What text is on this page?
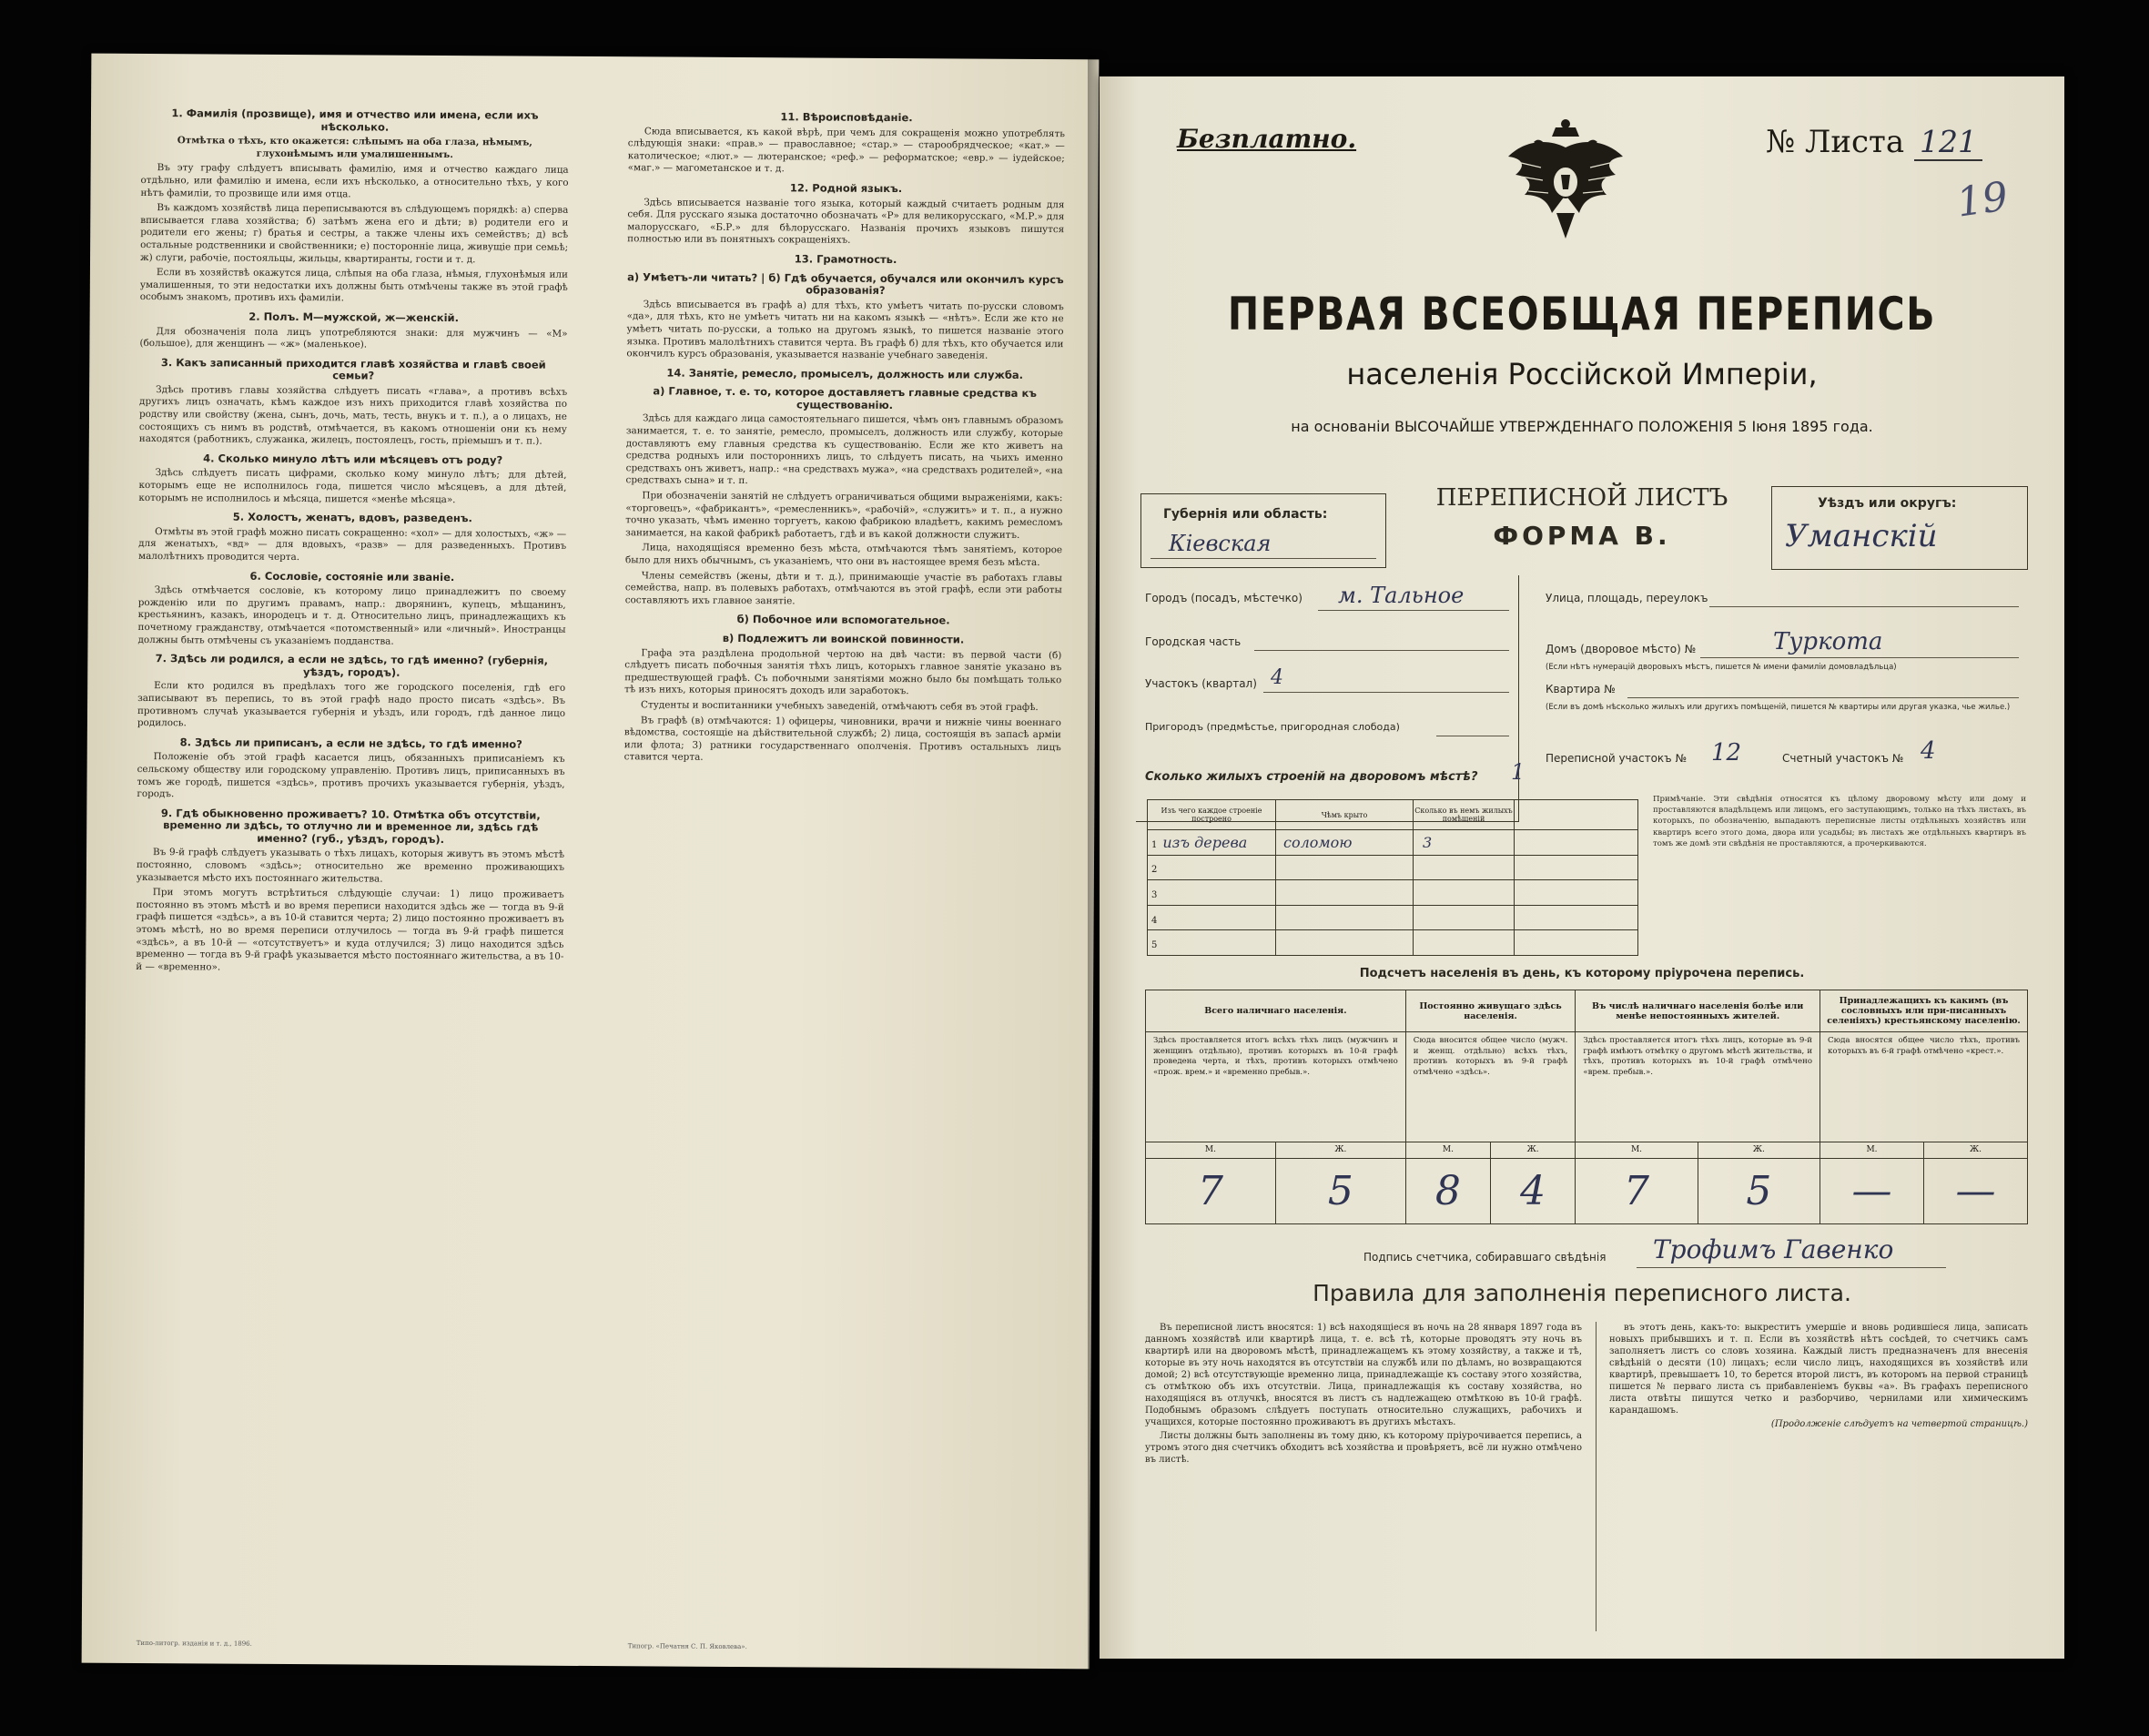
1. Фамилія (прозвище), имя и отчество или имена, если ихъ нѣсколько.

Отмѣтка о тѣхъ, кто окажется: слѣпымъ на оба глаза, нѣмымъ, глухонѣмымъ или умалишеннымъ.

Въ эту графу слѣдуетъ вписывать фамилію, имя и отчество каждаго лица отдѣльно, или фамилію и имена, если ихъ нѣсколько, а относительно тѣхъ, у кого нѣтъ фамиліи, то прозвище или имя отца.

Въ каждомъ хозяйствѣ лица переписываются въ слѣдующемъ порядкѣ: а) сперва вписывается глава хозяйства; б) затѣмъ жена его и дѣти; в) родители его и родители его жены; г) братья и сестры, а также члены ихъ семействъ; д) всѣ остальные родственники и свойственники; е) посторонніе лица, живущіе при семьѣ; ж) слуги, рабочіе, постояльцы, жильцы, квартиранты, гости и т. д.

Если въ хозяйствѣ окажутся лица, слѣпыя на оба глаза, нѣмыя, глухонѣмыя или умалишенныя, то эти недостатки ихъ должны быть отмѣчены также въ этой графѣ особымъ знакомъ, противъ ихъ фамиліи.

2. Полъ. М—мужской, ж—женскій.

Для обозначенія пола лицъ употребляются знаки: для мужчинъ — «М» (большое), для женщинъ — «ж» (маленькое).

3. Какъ записанный приходится главѣ хозяйства и главѣ своей семьи?

Здѣсь противъ главы хозяйства слѣдуетъ писать «глава», а противъ всѣхъ другихъ лицъ означать, кѣмъ каждое изъ нихъ приходится главѣ хозяйства по родству или свойству (жена, сынъ, дочь, мать, тесть, внукъ и т. п.), а о лицахъ, не состоящихъ съ нимъ въ родствѣ, отмѣчается, въ какомъ отношеніи они къ нему находятся (работникъ, служанка, жилецъ, постоялецъ, гость, пріемышъ и т. п.).

4. Сколько минуло лѣтъ или мѣсяцевъ отъ роду?

Здѣсь слѣдуетъ писать цифрами, сколько кому минуло лѣтъ; для дѣтей, которымъ еще не исполнилось года, пишется число мѣсяцевъ, а для дѣтей, которымъ не исполнилось и мѣсяца, пишется «менѣе мѣсяца».

5. Холостъ, женатъ, вдовъ, разведенъ.

Отмѣты въ этой графѣ можно писать сокращенно: «хол» — для холостыхъ, «ж» — для женатыхъ, «вд» — для вдовыхъ, «разв» — для разведенныхъ. Противъ малолѣтнихъ проводится черта.

6. Сословіе, состояніе или званіе.

Здѣсь отмѣчается сословіе, къ которому лицо принадлежитъ по своему рожденію или по другимъ правамъ, напр.: дворянинъ, купецъ, мѣщанинъ, крестьянинъ, казакъ, инородецъ и т. д. Относительно лицъ, принадлежащихъ къ почетному гражданству, отмѣчается «потомственный» или «личный». Иностранцы должны быть отмѣчены съ указаніемъ подданства.

7. Здѣсь ли родился, а если не здѣсь, то гдѣ именно? (губернія, уѣздъ, городъ).

Если кто родился въ предѣлахъ того же городского поселенія, гдѣ его записывают въ перепись, то въ этой графѣ надо просто писать «здѣсь». Въ противномъ случаѣ указывается губернія и уѣздъ, или городъ, гдѣ данное лицо родилось.

8. Здѣсь ли приписанъ, а если не здѣсь, то гдѣ именно?

Положеніе объ этой графѣ касается лицъ, обязанныхъ приписаніемъ къ сельскому обществу или городскому управленію. Противъ лицъ, приписанныхъ въ томъ же городѣ, пишется «здѣсь», противъ прочихъ указывается губернія, уѣздъ, городъ.

9. Гдѣ обыкновенно проживаетъ? 10. Отмѣтка объ отсутствіи, временно ли здѣсь, то отлучно ли и временное ли, здѣсь гдѣ именно? (губ., уѣздъ, городъ).

Въ 9-й графѣ слѣдуетъ указывать о тѣхъ лицахъ, которыя живутъ въ этомъ мѣстѣ постоянно, словомъ «здѣсь»; относительно же временно проживающихъ указывается мѣсто ихъ постояннаго жительства.

При этомъ могутъ встрѣтиться слѣдующіе случаи: 1) лицо проживаетъ постоянно въ этомъ мѣстѣ и во время переписи находится здѣсь же — тогда въ 9-й графѣ пишется «здѣсь», а въ 10-й ставится черта; 2) лицо постоянно проживаетъ въ этомъ мѣстѣ, но во время переписи отлучилось — тогда въ 9-й графѣ пишется «здѣсь», а въ 10-й — «отсутствуетъ» и куда отлучился; 3) лицо находится здѣсь временно — тогда въ 9-й графѣ указывается мѣсто постояннаго жительства, а въ 10-й — «временно».

11. Вѣроисповѣданіе.

Сюда вписывается, къ какой вѣрѣ, при чемъ для сокращенія можно употреблять слѣдующія знаки: «прав.» — православное; «стар.» — старообрядческое; «кат.» — католическое; «лют.» — лютеранское; «реф.» — реформатское; «евр.» — іудейское; «маг.» — магометанское и т. д.

12. Родной языкъ.

Здѣсь вписывается названіе того языка, который каждый считаетъ родным для себя. Для русскаго языка достаточно обозначать «Р» для великорусскаго, «М.Р.» для малорусскаго, «Б.Р.» для бѣлорусскаго. Названія прочихъ языковъ пишутся полностью или въ понятныхъ сокращеніяхъ.

13. Грамотность.
а) Умѣетъ-ли читать? | б) Гдѣ обучается, обучался или окончилъ курсъ образованія?

Здѣсь вписывается въ графѣ а) для тѣхъ, кто умѣетъ читать по-русски словомъ «да», для тѣхъ, кто не умѣетъ читать ни на какомъ языкѣ — «нѣтъ». Если же кто не умѣетъ читать по-русски, а только на другомъ языкѣ, то пишется названіе этого языка. Противъ малолѣтнихъ ставится черта. Въ графѣ б) для тѣхъ, кто обучается или окончилъ курсъ образованія, указывается названіе учебнаго заведенія.

14. Занятіе, ремесло, промыселъ, должность или служба.
а) Главное, т. е. то, которое доставляетъ главные средства къ существованію.

Здѣсь для каждаго лица самостоятельнаго пишется, чѣмъ онъ главнымъ образомъ занимается, т. е. то занятіе, ремесло, промыселъ, должность или службу, которые доставляютъ ему главныя средства къ существованію. Если же кто живетъ на средства родныхъ или постороннихъ лицъ, то слѣдуетъ писать, на чьихъ именно средствахъ онъ живетъ, напр.: «на средствахъ мужа», «на средствахъ родителей», «на средствахъ сына» и т. п.

При обозначеніи занятій не слѣдуетъ ограничиваться общими выраженіями, какъ: «торговецъ», «фабрикантъ», «ремесленникъ», «рабочій», «служитъ» и т. п., а нужно точно указать, чѣмъ именно торгуетъ, какою фабрикою владѣетъ, какимъ ремесломъ занимается, на какой фабрикѣ работаетъ, гдѣ и въ какой должности служитъ.

Лица, находящіяся временно безъ мѣста, отмѣчаются тѣмъ занятіемъ, которое было для нихъ обычнымъ, съ указаніемъ, что они въ настоящее время безъ мѣста.

Члены семействъ (жены, дѣти и т. д.), принимающіе участіе въ работахъ главы семейства, напр. въ полевыхъ работахъ, отмѣчаются въ этой графѣ, если эти работы составляютъ ихъ главное занятіе.

б) Побочное или вспомогательное.
в) Подлежитъ ли воинской повинности.

Графа эта раздѣлена продольной чертою на двѣ части: въ первой части (б) слѣдуетъ писать побочныя занятія тѣхъ лицъ, которыхъ главное занятіе указано въ предшествующей графѣ. Съ побочными занятіями можно было бы помѣщать только тѣ изъ нихъ, которыя приносятъ доходъ или заработокъ.

Студенты и воспитанники учебныхъ заведеній, отмѣчаютъ себя въ этой графѣ.

Въ графѣ (в) отмѣчаются: 1) офицеры, чиновники, врачи и нижніе чины военнаго вѣдомства, состоящіе на дѣйствительной службѣ; 2) лица, состоящія въ запасѣ арміи или флота; 3) ратники государственнаго ополченія. Противъ остальныхъ лицъ ставится черта.

Типо-литогр. изданія и т. д., 1896.	Типогр. «Печатня С. П. Яковлева».
Безплатно.	№ Листа 121
19
ПЕРВАЯ ВСЕОБЩАЯ ПЕРЕПИСЬ
населенія Россійской Имперіи,
на основаніи ВЫСОЧАЙШЕ УТВЕРЖДЕННАГО ПОЛОЖЕНІЯ 5 Іюня 1895 года.
Губернія или область:
Кіевская
ПЕРЕПИСНОЙ ЛИСТЪ
ФОРМА В.
Уѣздъ или округъ:
Уманскій
Городъ (посадъ, мѣстечко) м. Тальное
Городская часть
Участокъ (квартал) 4
Пригородъ (предмѣстье, пригородная слобода)
Улица, площадь, переулокъ
Домъ (дворовое мѣсто) №	Туркота
(Если нѣтъ нумерацій дворовыхъ мѣстъ, пишется № имени фамиліи домовладѣльца)
Квартира №
(Если въ домѣ нѣсколько жилыхъ или другихъ помѣщеній, пишется № квартиры или другая указка, чье жилье.)
Переписной участокъ № 12	Счетный участокъ № 4
Сколько жилыхъ строеній на дворовомъ мѣстѣ? 1
Изъ чего каждое строеніе построено	Чѣмъ крыто	Сколько въ немъ жилыхъ помѣщеній	
1 изъ дерева	соломою	3	
2			
3			
4			
5			
Примѣчаніе. Эти свѣдѣнія относятся къ цѣлому дворовому мѣсту или дому и проставляются владѣльцемъ или лицомъ, его заступающимъ, только на тѣхъ листахъ, въ которыхъ, по обозначенію, выпадаютъ переписные листы отдѣльныхъ хозяйствъ или квартиръ всего этого дома, двора или усадьбы; въ листахъ же отдѣльныхъ квартиръ въ томъ же домѣ эти свѣдѣнія не проставляются, а прочеркиваются.
Подсчетъ населенія въ день, къ которому пріурочена перепись.
Всего наличнаго населенія.		Постоянно живущаго здѣсь населенія.		Въ числѣ наличнаго населенія болѣе или менѣе непостоянныхъ жителей.		Принадлежащихъ къ какимъ (въ сословныхъ или при-писанныхъ селеніяхъ) крестьянскому населенію.	
Здѣсь проставляется итогъ всѣхъ тѣхъ лицъ (мужчинъ и женщинъ отдѣльно), противъ которыхъ въ 10-й графѣ проведена черта, и тѣхъ, противъ которыхъ отмѣчено «прож. врем.» и «временно пребыв.».		Сюда вносится общее число (мужч. и женщ. отдѣльно) всѣхъ тѣхъ, противъ которыхъ въ 9-й графѣ отмѣчено «здѣсь».		Здѣсь проставляется итогъ тѣхъ лицъ, которые въ 9-й графѣ имѣютъ отмѣтку о другомъ мѣстѣ жительства, и тѣхъ, противъ которыхъ въ 10-й графѣ отмѣчено «врем. пребыв.».		Сюда вносятся общее число тѣхъ, противъ которыхъ въ 6-й графѣ отмѣчено «крест.».	
М.	Ж.	М.	Ж.	М.	Ж.	М.	Ж.
7	5	8	4	7	5	—	—
Подпись счетчика, собиравшаго свѣдѣнія Трофимъ Гавенко
Правила для заполненія переписного листа.

Въ переписной листъ вносятся: 1) всѣ находящіеся въ ночь на 28 января 1897 года въ данномъ хозяйствѣ или квартирѣ лица, т. е. всѣ тѣ, которые проводятъ эту ночь въ квартирѣ или на дворовомъ мѣстѣ, принадлежащемъ къ этому хозяйству, а также и тѣ, которые въ эту ночь находятся въ отсутствіи на службѣ или по дѣламъ, но возвращаются домой; 2) всѣ отсутствующіе временно лица, принадлежащіе къ составу этого хозяйства, съ отмѣткою объ ихъ отсутствіи. Лица, принадлежащія къ составу хозяйства, но находящіяся въ отлучкѣ, вносятся въ листъ съ надлежащею отмѣткою въ 10-й графѣ. Подобнымъ образомъ слѣдуетъ поступать относительно служащихъ, рабочихъ и учащихся, которые постоянно проживаютъ въ другихъ мѣстахъ.

Листы должны быть заполнены въ тому дню, къ которому пріурочивается перепись, а утромъ этого дня счетчикъ обходитъ всѣ хозяйства и провѣряетъ, всё ли нужно отмѣчено въ листѣ.

въ этотъ день, какъ-то: выкреститъ умершіе и вновь родившіеся лица, записать новыхъ прибывшихъ и т. п. Если въ хозяйствѣ нѣтъ сосѣдей, то счетчикъ самъ заполняетъ листъ со словъ хозяина. Каждый листъ предназначенъ для внесенія свѣдѣній о десяти (10) лицахъ; если число лицъ, находящихся въ хозяйствѣ или квартирѣ, превышаетъ 10, то берется второй листъ, въ которомъ на первой страницѣ пишется № перваго листа съ прибавленіемъ буквы «а». Въ графахъ переписного листа отвѣты пишутся четко и разборчиво, чернилами или химическимъ карандашомъ.

(Продолженіе слѣдуетъ на четвертой страницѣ.)
